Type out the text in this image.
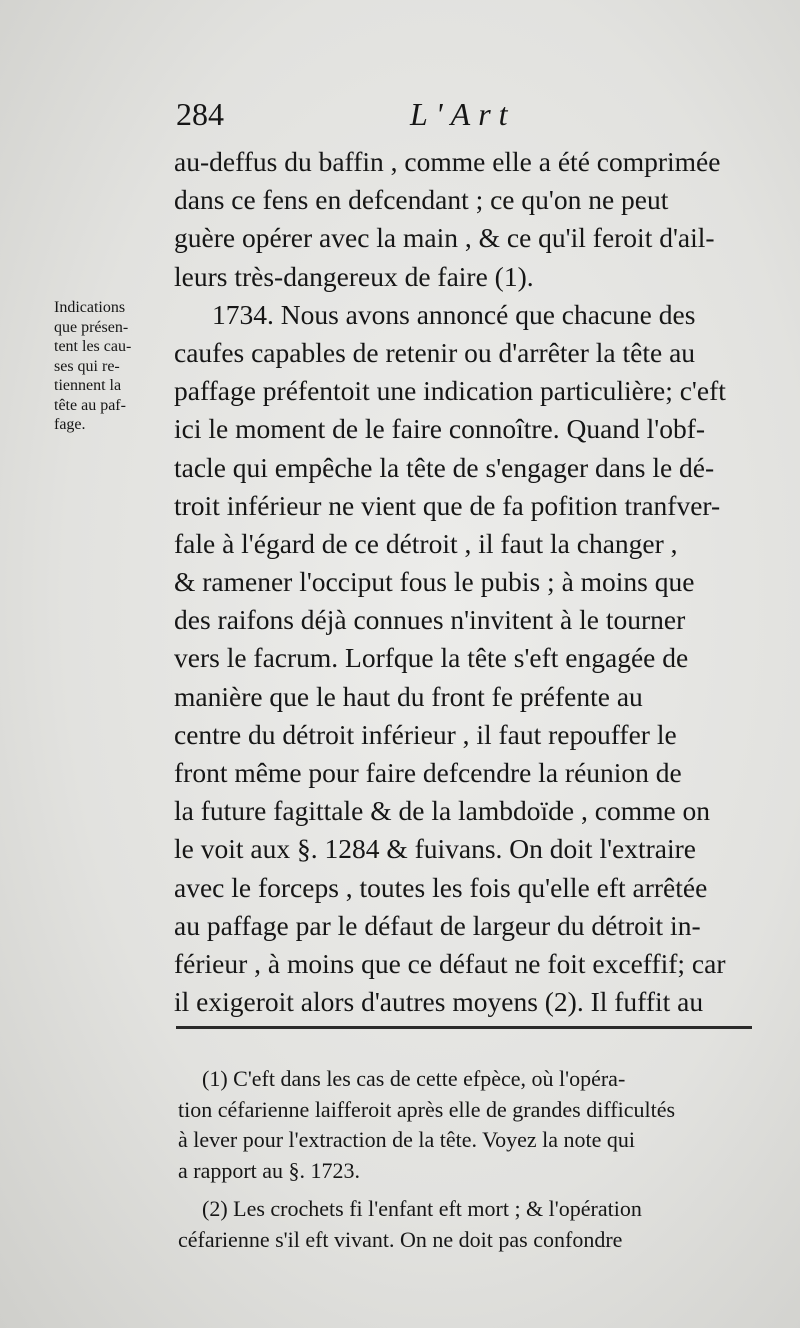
284	L'Art
Indications
que présen-
tent les cau-
ses qui re-
tiennent la
tête au paf-
fage.
au-deffus du baffin , comme elle a été comprimée
dans ce fens en defcendant ; ce qu'on ne peut
guère opérer avec la main , & ce qu'il feroit d'ail-
leurs très-dangereux de faire (1).
1734. Nous avons annoncé que chacune des
caufes capables de retenir ou d'arrêter la tête au
paffage préfentoit une indication particulière; c'eft
ici le moment de le faire connoître. Quand l'obf-
tacle qui empêche la tête de s'engager dans le dé-
troit inférieur ne vient que de fa pofition tranfver-
fale à l'égard de ce détroit , il faut la changer ,
& ramener l'occiput fous le pubis ; à moins que
des raifons déjà connues n'invitent à le tourner
vers le facrum. Lorfque la tête s'eft engagée de
manière que le haut du front fe préfente au
centre du détroit inférieur , il faut repouffer le
front même pour faire defcendre la réunion de
la future fagittale & de la lambdoïde , comme on
le voit aux §. 1284 & fuivans. On doit l'extraire
avec le forceps , toutes les fois qu'elle eft arrêtée
au paffage par le défaut de largeur du détroit in-
férieur , à moins que ce défaut ne foit exceffif; car
il exigeroit alors d'autres moyens (2). Il fuffit au
(1) C'eft dans les cas de cette efpèce, où l'opéra-
tion céfarienne laifferoit après elle de grandes difficultés
à lever pour l'extraction de la tête. Voyez la note qui
a rapport au §. 1723.
(2) Les crochets fi l'enfant eft mort ; & l'opération
céfarienne s'il eft vivant. On ne doit pas confondre
